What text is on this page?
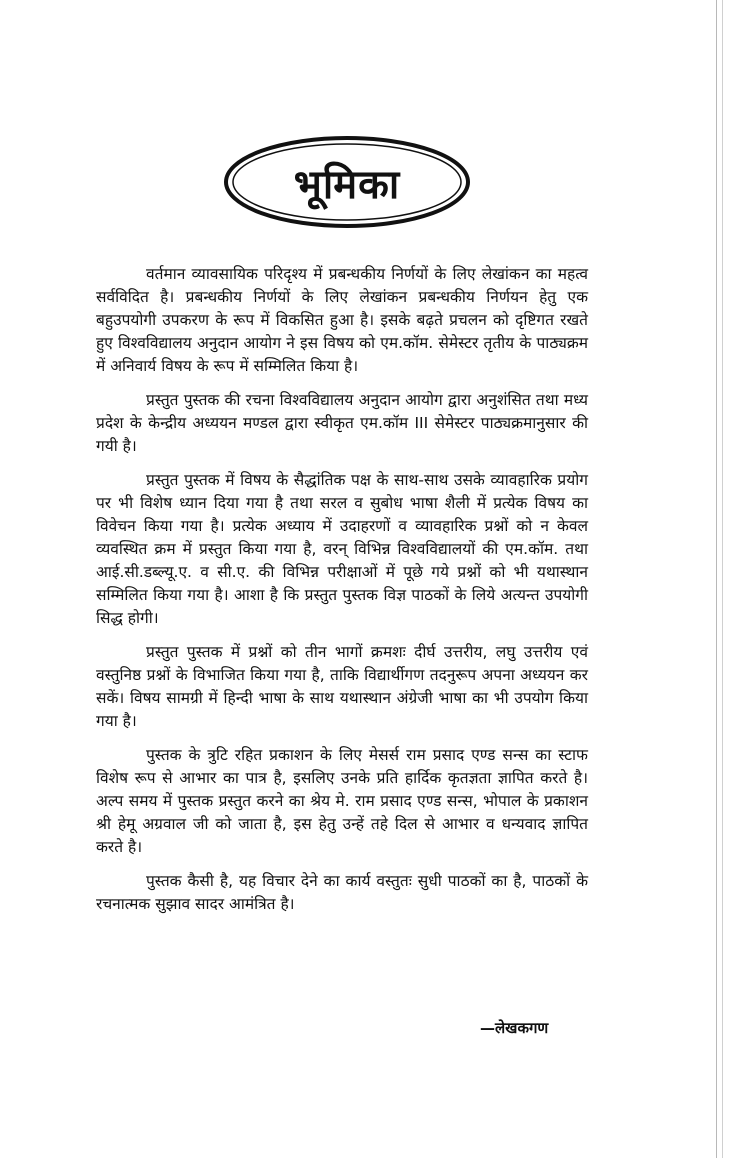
भूमिका

वर्तमान व्यावसायिक परिदृश्य में प्रबन्धकीय निर्णयों के लिए लेखांकन का महत्व सर्वविदित है। प्रबन्धकीय निर्णयों के लिए लेखांकन प्रबन्धकीय निर्णयन हेतु एक बहुउपयोगी उपकरण के रूप में विकसित हुआ है। इसके बढ़ते प्रचलन को दृष्टिगत रखते हुए विश्वविद्यालय अनुदान आयोग ने इस विषय को एम.कॉम. सेमेस्टर तृतीय के पाठ्यक्रम में अनिवार्य विषय के रूप में सम्मिलित किया है।

प्रस्तुत पुस्तक की रचना विश्वविद्यालय अनुदान आयोग द्वारा अनुशंसित तथा मध्य प्रदेश के केन्द्रीय अध्ययन मण्डल द्वारा स्वीकृत एम.कॉम III सेमेस्टर पाठ्यक्रमानुसार की गयी है।

प्रस्तुत पुस्तक में विषय के सैद्धांतिक पक्ष के साथ-साथ उसके व्यावहारिक प्रयोग पर भी विशेष ध्यान दिया गया है तथा सरल व सुबोध भाषा शैली में प्रत्येक विषय का विवेचन किया गया है। प्रत्येक अध्याय में उदाहरणों व व्यावहारिक प्रश्नों को न केवल व्यवस्थित क्रम में प्रस्तुत किया गया है, वरन् विभिन्न विश्वविद्यालयों की एम.कॉम. तथा आई.सी.डब्ल्यू.ए. व सी.ए. की विभिन्न परीक्षाओं में पूछे गये प्रश्नों को भी यथास्थान सम्मिलित किया गया है। आशा है कि प्रस्तुत पुस्तक विज्ञ पाठकों के लिये अत्यन्त उपयोगी सिद्ध होगी।

प्रस्तुत पुस्तक में प्रश्नों को तीन भागों क्रमशः दीर्घ उत्तरीय, लघु उत्तरीय एवं वस्तुनिष्ठ प्रश्नों के विभाजित किया गया है, ताकि विद्यार्थीगण तदनुरूप अपना अध्ययन कर सकें। विषय सामग्री में हिन्दी भाषा के साथ यथास्थान अंग्रेजी भाषा का भी उपयोग किया गया है।

पुस्तक के त्रुटि रहित प्रकाशन के लिए मेसर्स राम प्रसाद एण्ड सन्स का स्टाफ विशेष रूप से आभार का पात्र है, इसलिए उनके प्रति हार्दिक कृतज्ञता ज्ञापित करते है। अल्प समय में पुस्तक प्रस्तुत करने का श्रेय मे. राम प्रसाद एण्ड सन्स, भोपाल के प्रकाशन श्री हेमू अग्रवाल जी को जाता है, इस हेतु उन्हें तहे दिल से आभार व धन्यवाद ज्ञापित करते है।

पुस्तक कैसी है, यह विचार देने का कार्य वस्तुतः सुधी पाठकों का है, पाठकों के रचनात्मक सुझाव सादर आमंत्रित है।

—लेखकगण
